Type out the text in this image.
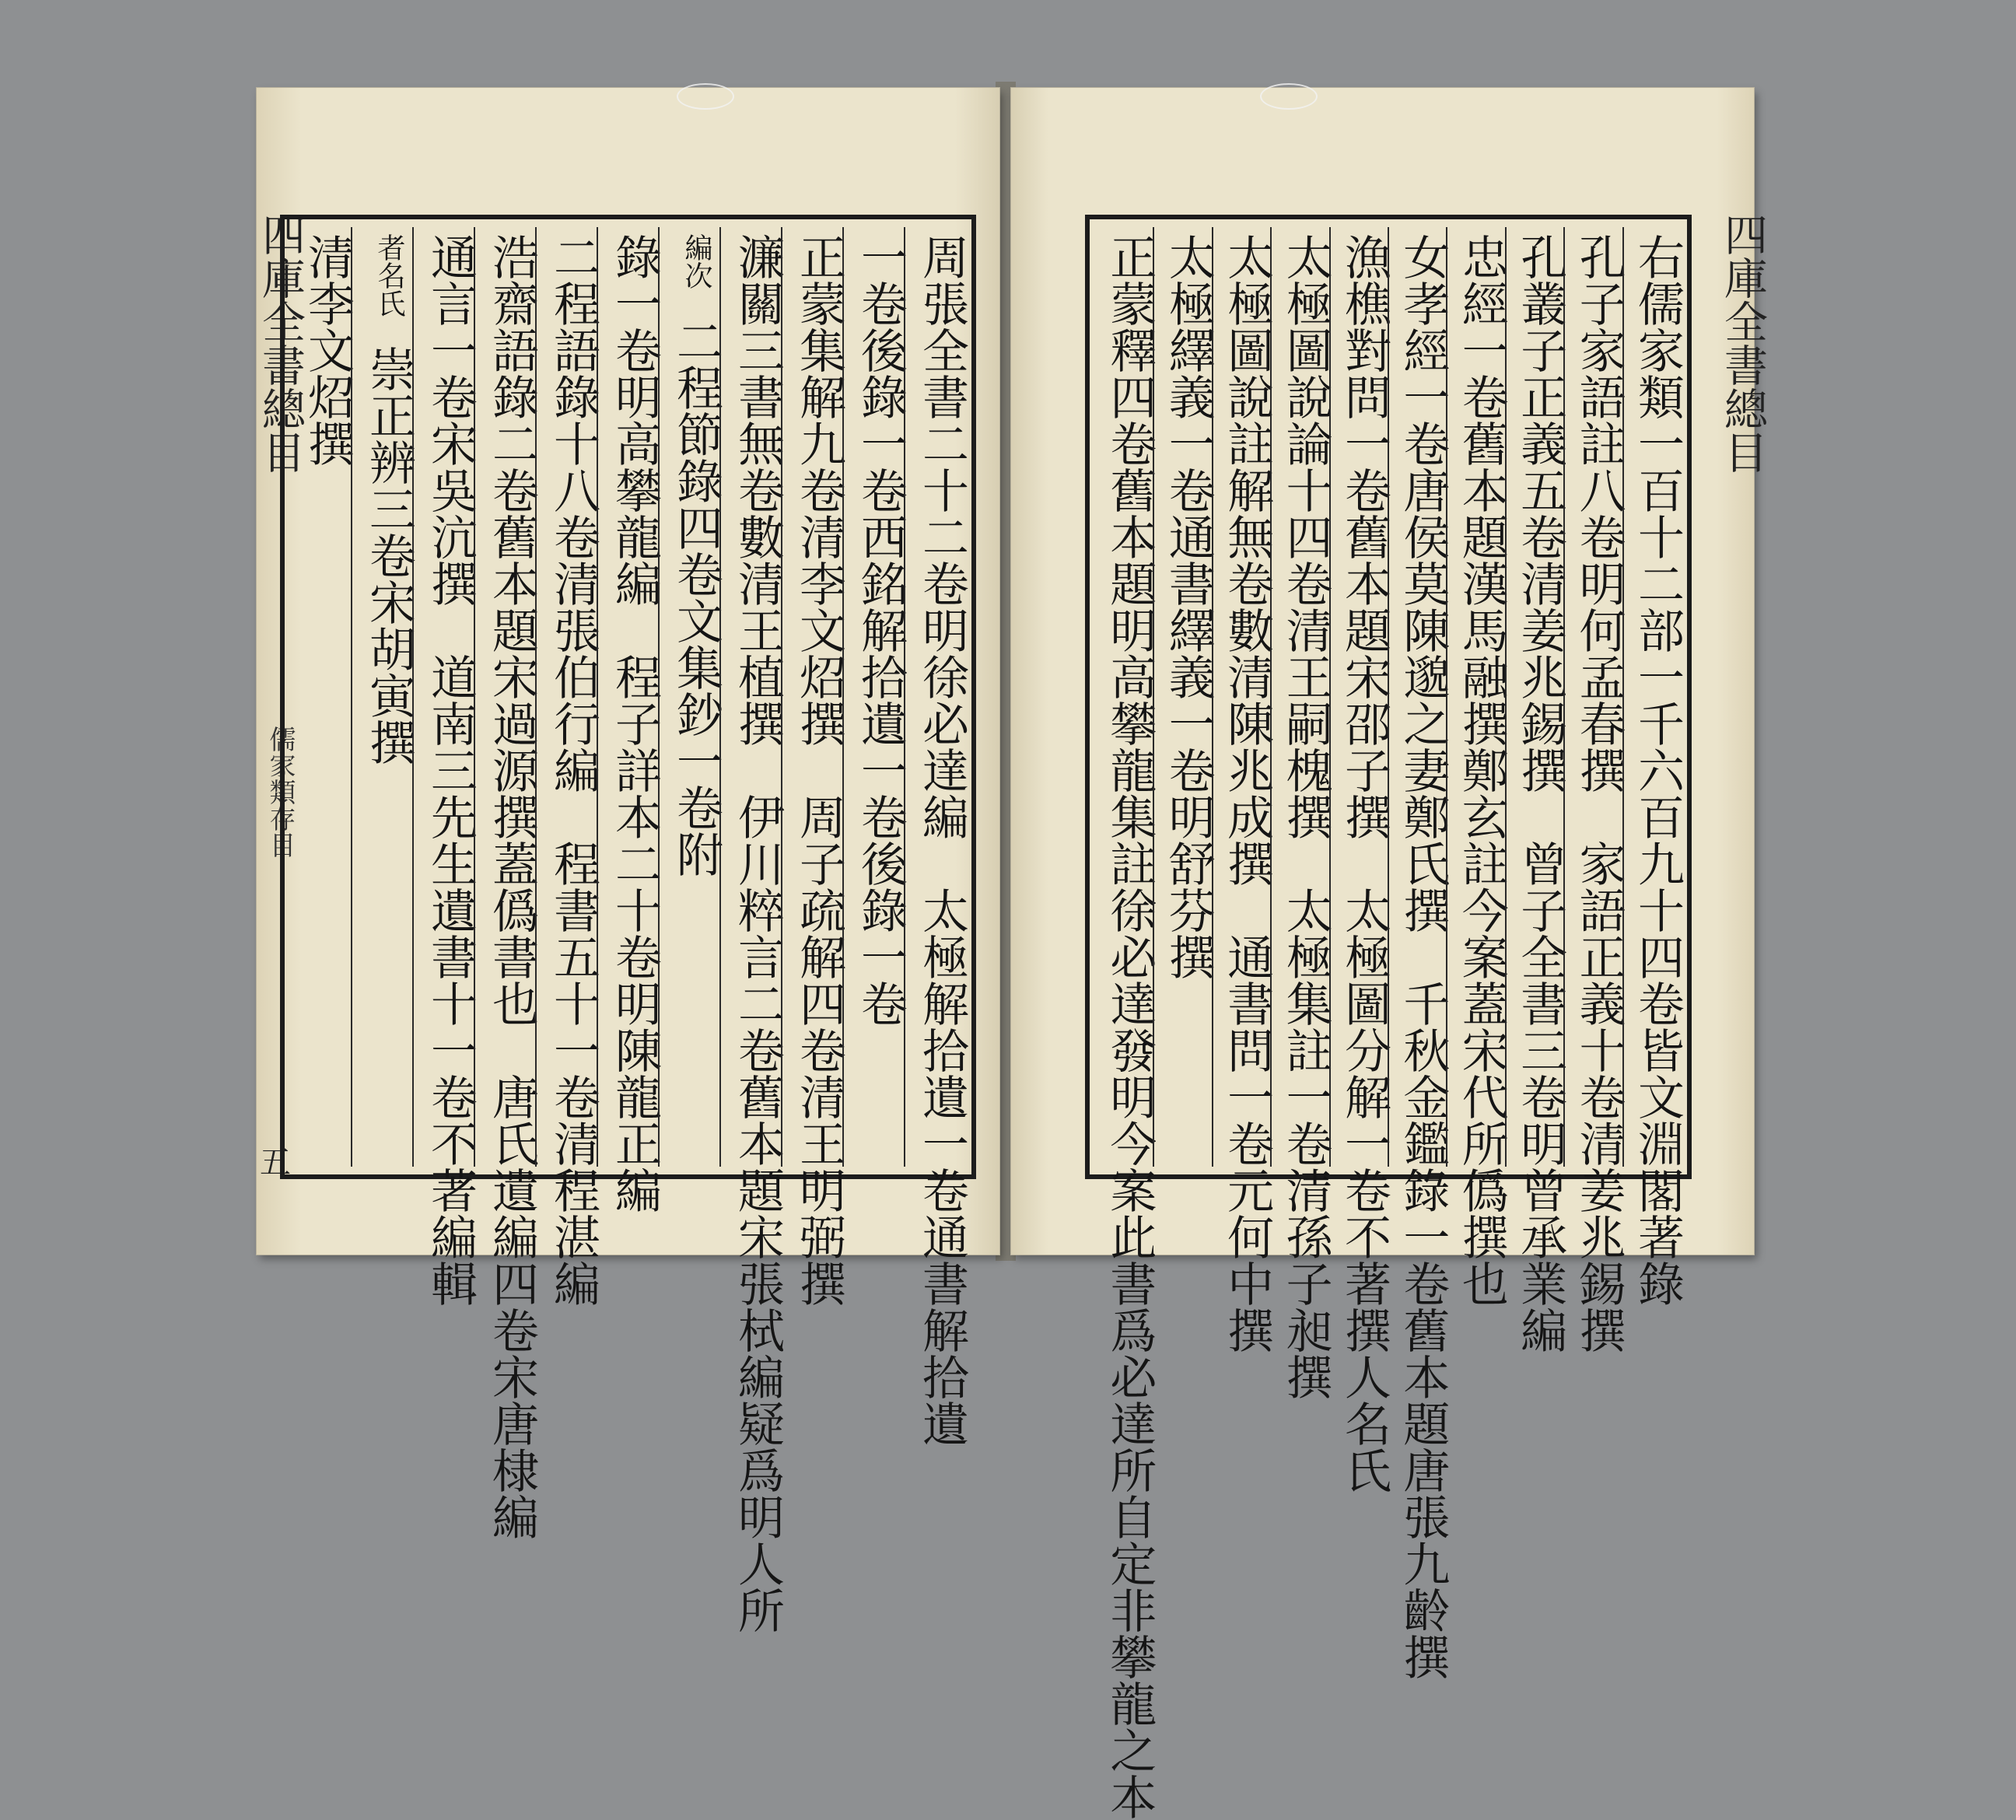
四庫全書總目
儒家類存目
五
周張全書二十二卷明徐必達編　太極解拾遺一卷通書解拾遺
一卷後錄一卷西銘解拾遺一卷後錄一卷
正蒙集解九卷清李文炤撰　周子疏解四卷清王明弼撰
濂關三書無卷數清王植撰　伊川粹言二卷舊本題宋張栻編疑爲明人所
編次　二程節錄四卷文集鈔一卷附
錄一卷明高攀龍編　程子詳本二十卷明陳龍正編
二程語錄十八卷清張伯行編　程書五十一卷清程湛編
浩齋語錄二卷舊本題宋過源撰蓋僞書也　唐氏遺編四卷宋唐棣編
通言一卷宋吳沆撰　道南三先生遺書十一卷不著編輯
者名氏　崇正辨三卷宋胡寅撰
清李文炤撰	四庫全書總目
右儒家類一百十二部一千六百九十四卷皆文淵閣著錄
孔子家語註八卷明何孟春撰　家語正義十卷清姜兆錫撰
孔叢子正義五卷清姜兆錫撰　曾子全書三卷明曾承業編
忠經一卷舊本題漢馬融撰鄭玄註今案蓋宋代所僞撰也
女孝經一卷唐侯莫陳邈之妻鄭氏撰　千秋金鑑錄一卷舊本題唐張九齡撰
漁樵對問一卷舊本題宋邵子撰　太極圖分解一卷不著撰人名氏
太極圖說論十四卷清王嗣槐撰　太極集註一卷清孫子昶撰
太極圖說註解無卷數清陳兆成撰　通書問一卷元何中撰
太極繹義一卷通書繹義一卷明舒芬撰
正蒙釋四卷舊本題明高攀龍集註徐必達發明今案此書爲必達所自定非攀龍之本
